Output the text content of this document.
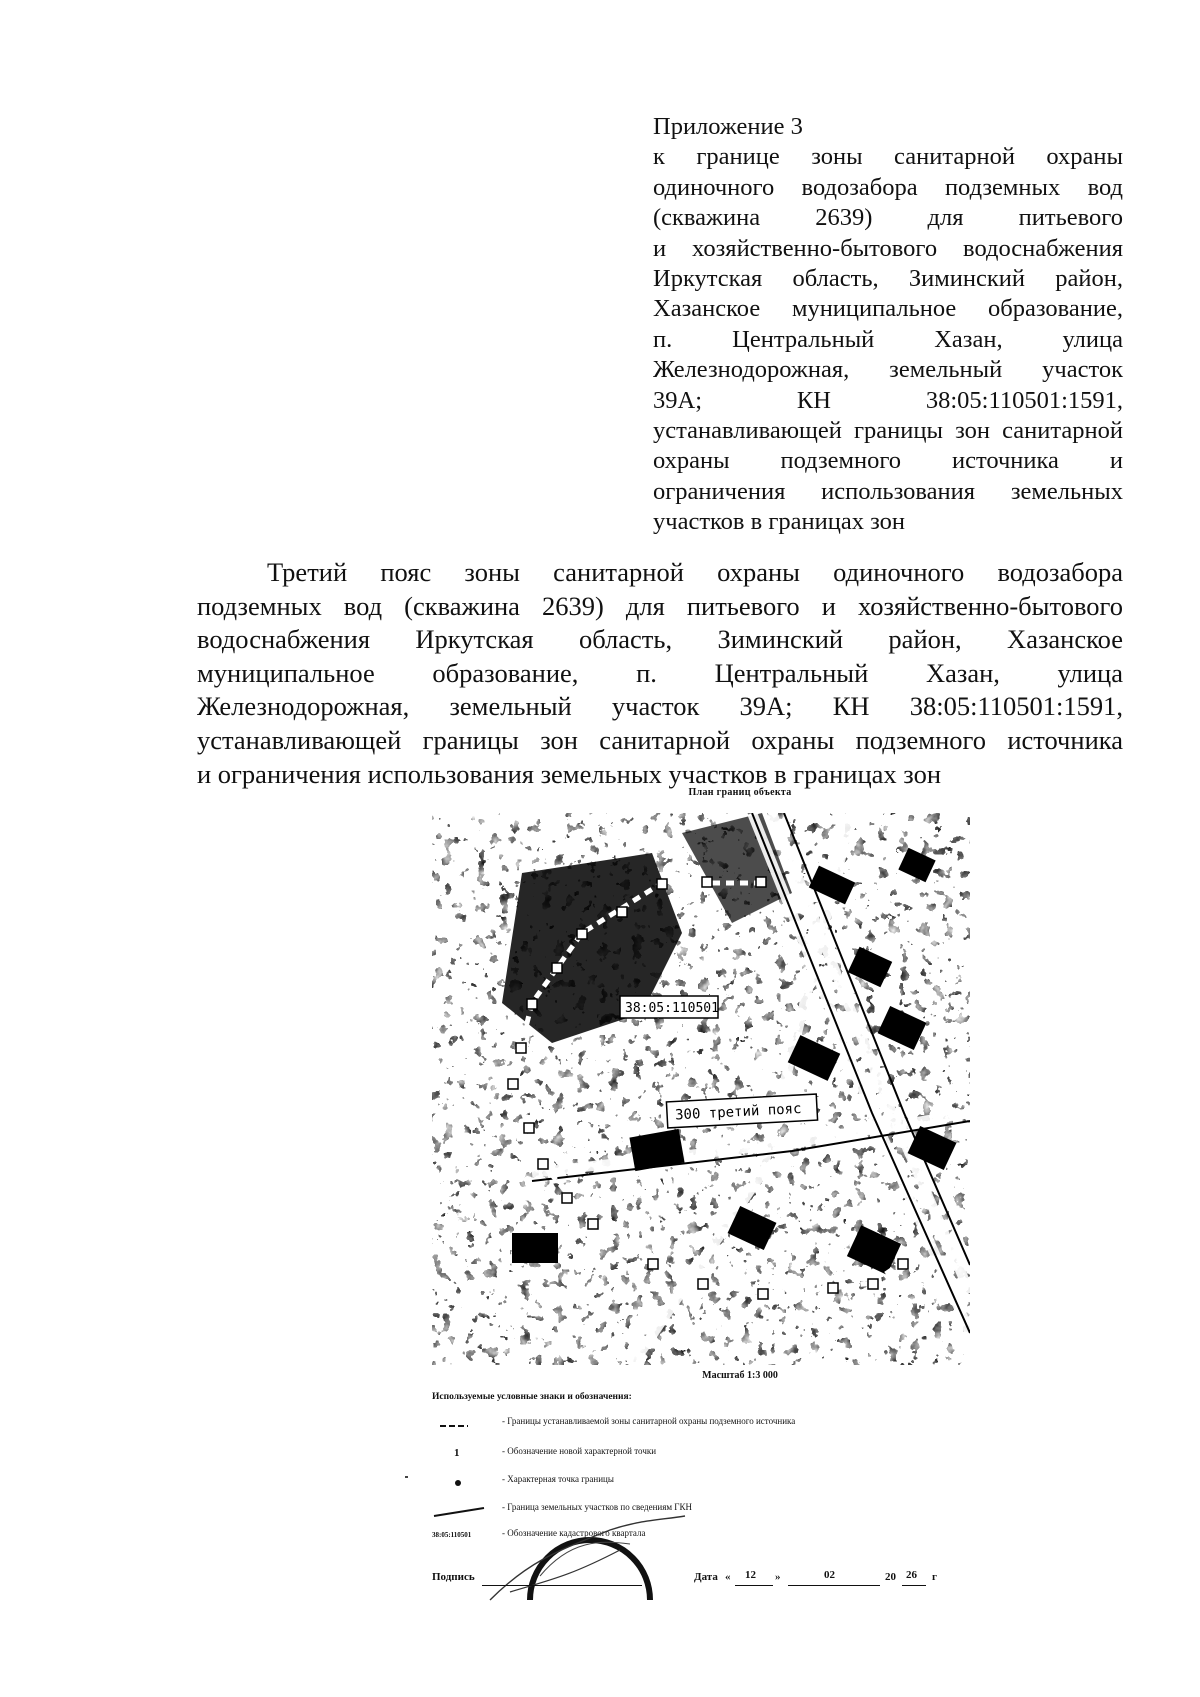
Приложение 3
к границе зоны санитарной охраны
одиночного водозабора подземных вод
(скважина 2639) для питьевого
и хозяйственно-бытового водоснабжения
Иркутская область, Зиминский район,
Хазанское муниципальное образование,
п. Центральный Хазан, улица
Железнодорожная, земельный участок
39А; КН 38:05:110501:1591,
устанавливающей границы зон санитарной
охраны подземного источника и
ограничения использования земельных
участков в границах зон
Третий пояс зоны санитарной охраны одиночного водозабора
подземных вод (скважина 2639) для питьевого и хозяйственно-бытового
водоснабжения Иркутская область, Зиминский район, Хазанское
муниципальное образование, п. Центральный Хазан, улица
Железнодорожная, земельный участок 39А; КН 38:05:110501:1591,
устанавливающей границы зон санитарной охраны подземного источника
и ограничения использования земельных участков в границах зон
План границ объекта
38:05:110501
300 третий пояс
Масштаб 1:3 000
Используемые условные знаки и обозначения:
- Границы устанавливаемой зоны санитарной охраны подземного источника
1	- Обозначение новой характерной точки
- Характерная точка границы
- Граница земельных участков по сведениям ГКН
38:05:110501	- Обозначение кадастрового квартала
Подпись	Дата « 12 »	02	20 26 г
